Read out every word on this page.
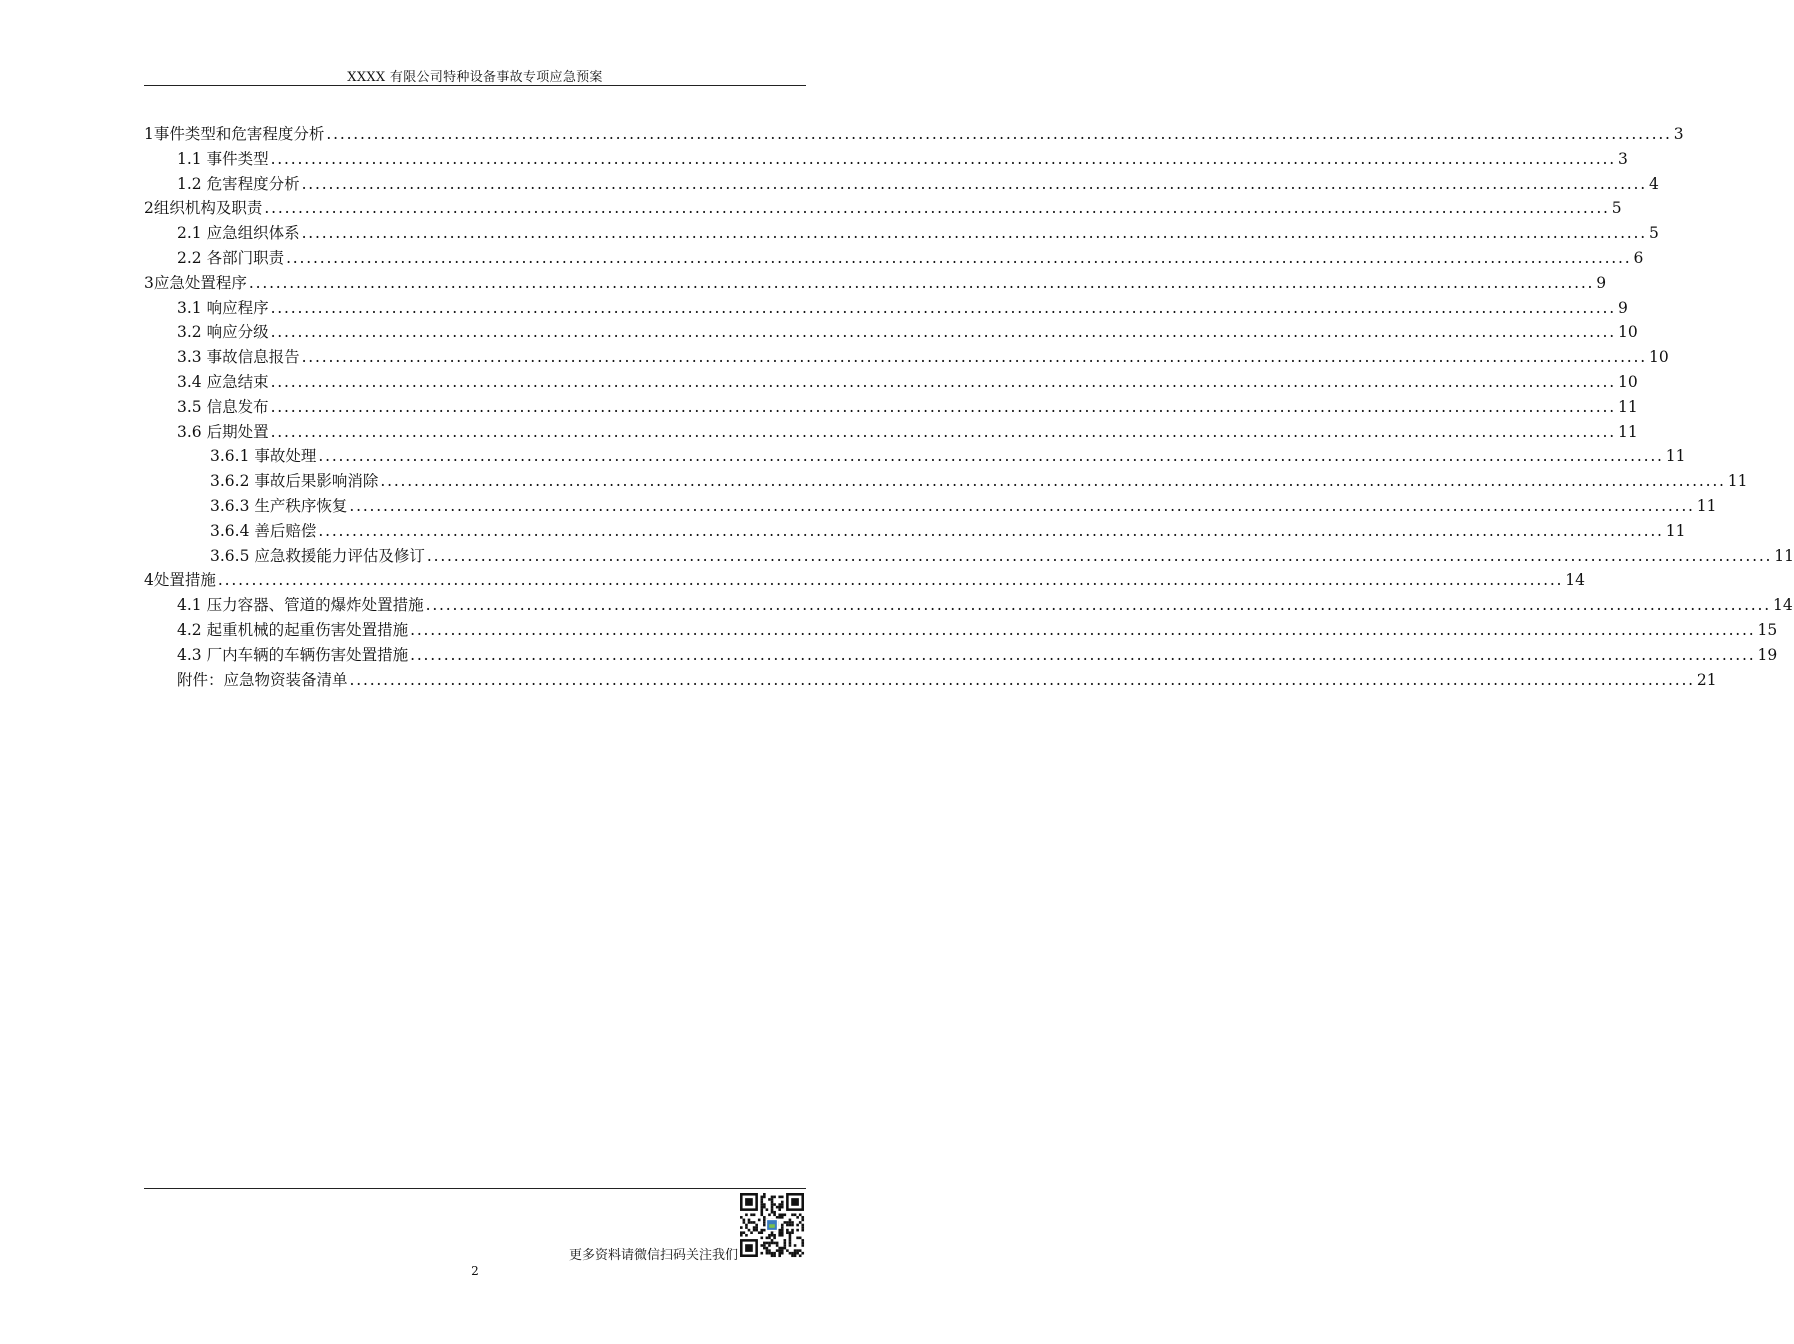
XXXX 有限公司特种设备事故专项应急预案
1 事件类型和危害程度分析 ........................................................................................................................................................................................................ 3
1.1 事件类型 ........................................................................................................................................................................................................ 3
1.2 危害程度分析 ........................................................................................................................................................................................................ 4
2 组织机构及职责 ........................................................................................................................................................................................................ 5
2.1 应急组织体系 ........................................................................................................................................................................................................ 5
2.2 各部门职责 ........................................................................................................................................................................................................ 6
3 应急处置程序 ........................................................................................................................................................................................................ 9
3.1 响应程序 ........................................................................................................................................................................................................ 9
3.2 响应分级 ........................................................................................................................................................................................................ 10
3.3 事故信息报告 ........................................................................................................................................................................................................ 10
3.4 应急结束 ........................................................................................................................................................................................................ 10
3.5 信息发布 ........................................................................................................................................................................................................ 11
3.6 后期处置 ........................................................................................................................................................................................................ 11
3.6.1 事故处理 ........................................................................................................................................................................................................ 11
3.6.2 事故后果影响消除 ........................................................................................................................................................................................................ 11
3.6.3 生产秩序恢复 ........................................................................................................................................................................................................ 11
3.6.4 善后赔偿 ........................................................................................................................................................................................................ 11
3.6.5 应急救援能力评估及修订 ........................................................................................................................................................................................................ 11
4 处置措施 ........................................................................................................................................................................................................ 14
4.1 压力容器、管道的爆炸处置措施 ........................................................................................................................................................................................................ 14
4.2 起重机械的起重伤害处置措施 ........................................................................................................................................................................................................ 15
4.3 厂内车辆的车辆伤害处置措施 ........................................................................................................................................................................................................ 19
附件：应急物资装备清单 ........................................................................................................................................................................................................ 21
更多资料请微信扫码关注我们
2
